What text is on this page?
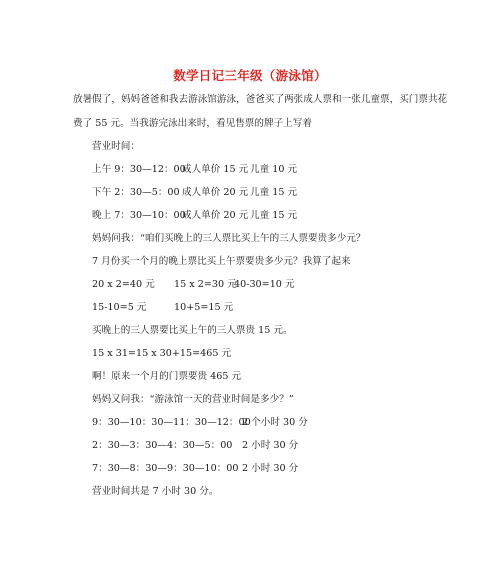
数学日记三年级（游泳馆）
放暑假了，妈妈爸爸和我去游泳馆游泳，爸爸买了两张成人票和一张儿童票，买门票共花
费了 55 元。当我游完泳出来时，看见售票的牌子上写着
营业时间：
上午 9：30—12：00
成人单价 15 元 儿童 10 元
下午 2：30—5：00 成人单价 20 元 儿童 15 元
晚上 7：30—10：00
成人单价 20 元 儿童 15 元
妈妈问我：“咱们买晚上的三人票比买上午的三人票要贵多少元？
7 月份买一个月的晚上票比买上午票要贵多少元？我算了起来
20 x 2=40 元 15 x 2=30 元
40-30=10 元
15-10=5 元	10+5=15 元
买晚上的三人票要比买上午的三人票贵 15 元。
15 x 31=15 x 30+15=465 元
啊！原来一个月的门票要贵 465 元
妈妈又问我：“游泳馆一天的营业时间是多少？”
9：30—10：30—11：30—12：00
2 个小时 30 分
2：30—3：30—4：30—5：00 2 小时 30 分
7：30—8：30—9：30—10：00 2 小时 30 分
营业时间共是 7 小时 30 分。
